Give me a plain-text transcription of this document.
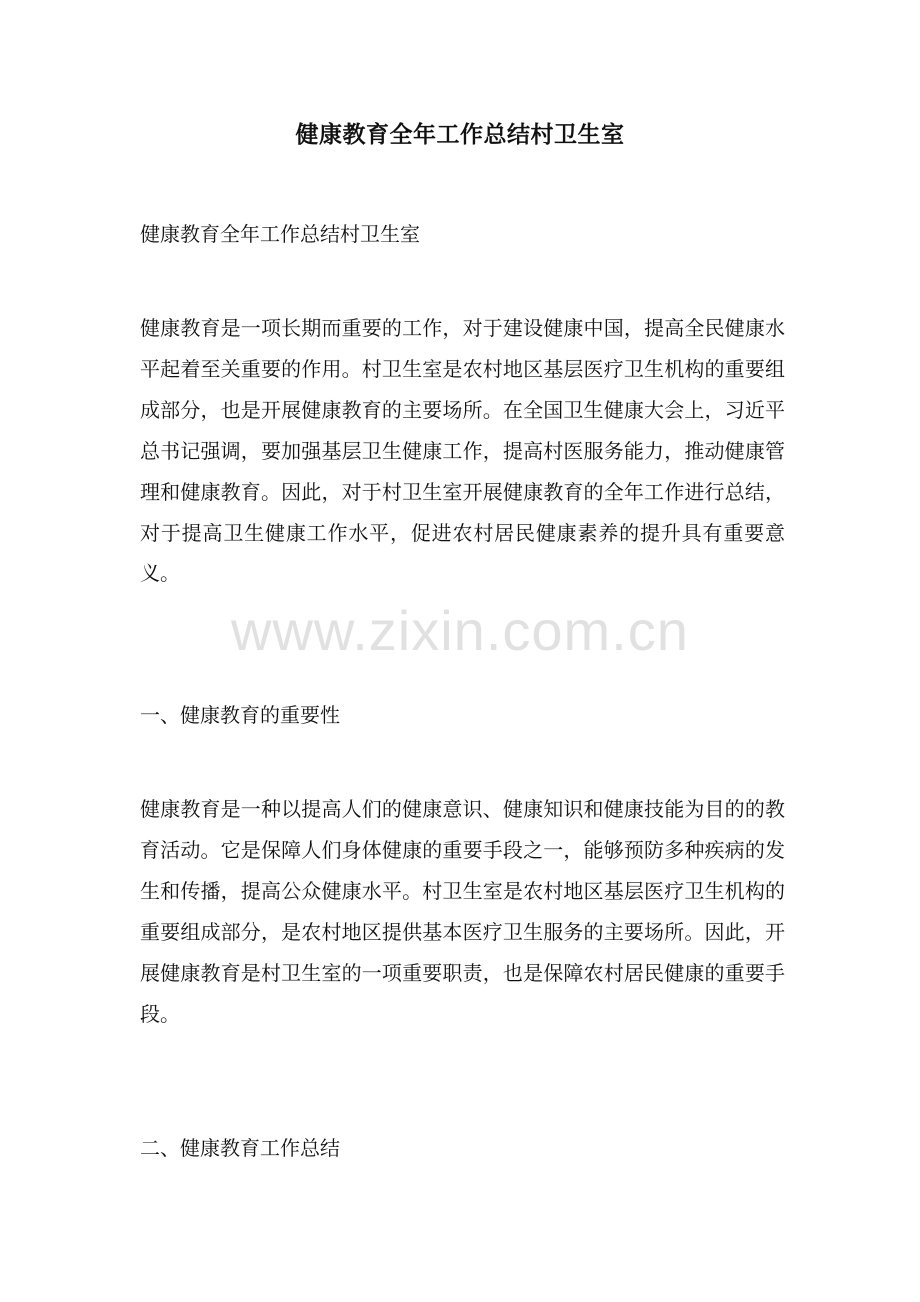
健康教育全年工作总结村卫生室
健康教育全年工作总结村卫生室
健康教育是一项长期而重要的工作，对于建设健康中国，提高全民健康水平起着至关重要的作用。村卫生室是农村地区基层医疗卫生机构的重要组成部分，也是开展健康教育的主要场所。在全国卫生健康大会上，习近平总书记强调，要加强基层卫生健康工作，提高村医服务能力，推动健康管理和健康教育。因此，对于村卫生室开展健康教育的全年工作进行总结，对于提高卫生健康工作水平，促进农村居民健康素养的提升具有重要意义。
一、健康教育的重要性
健康教育是一种以提高人们的健康意识、健康知识和健康技能为目的的教育活动。它是保障人们身体健康的重要手段之一，能够预防多种疾病的发生和传播，提高公众健康水平。村卫生室是农村地区基层医疗卫生机构的重要组成部分，是农村地区提供基本医疗卫生服务的主要场所。因此，开展健康教育是村卫生室的一项重要职责，也是保障农村居民健康的重要手段。
二、健康教育工作总结
www.zixin.com.cn
